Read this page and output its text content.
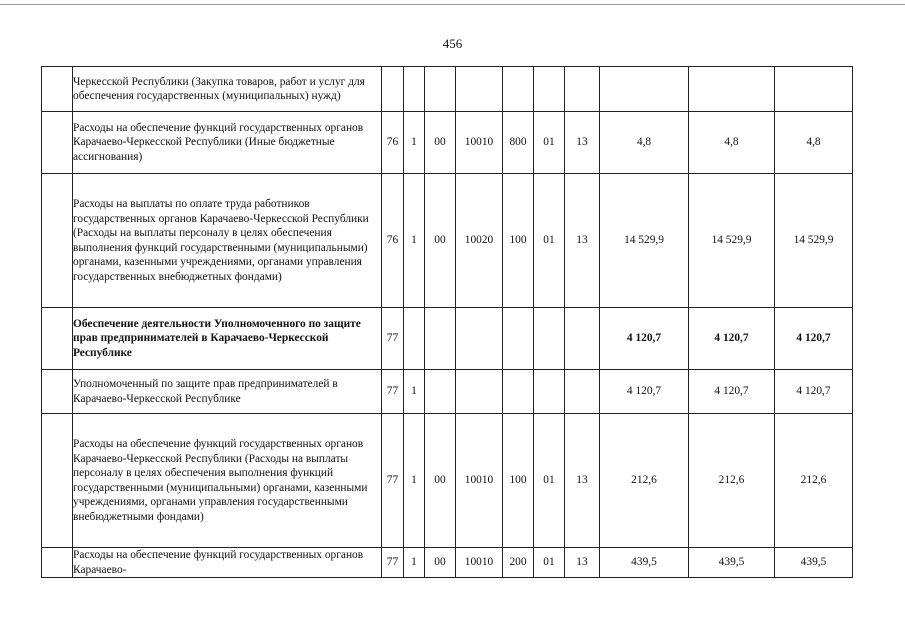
456
	Черкесской Республики (Закупка товаров, работ и услуг для обеспечения государственных (муниципальных) нужд)										
	Расходы на обеспечение функций государственных органов Карачаево-Черкесской Республики (Иные бюджетные ассигнования)	76	1	00	10010	800	01	13	4,8	4,8	4,8
	Расходы на выплаты по оплате труда работников государственных органов Карачаево-Черкесской Республики (Расходы на выплаты персоналу в целях обеспечения выполнения функций государственными (муниципальными) органами, казенными учреждениями, органами управления государственных внебюджетных фондами)	76	1	00	10020	100	01	13	14 529,9	14 529,9	14 529,9
	Обеспечение деятельности Уполномоченного по защите прав предпринимателей в Карачаево-Черкесской Республике	77							4 120,7	4 120,7	4 120,7
	Уполномоченный по защите прав предпринимателей в Карачаево-Черкесской Республике	77	1						4 120,7	4 120,7	4 120,7
	Расходы на обеспечение функций государственных органов Карачаево-Черкесской Республики (Расходы на выплаты персоналу в целях обеспечения выполнения функций государственными (муниципальными) органами, казенными учреждениями, органами управления государственными внебюджетными фондами)	77	1	00	10010	100	01	13	212,6	212,6	212,6
	Расходы на обеспечение функций государственных органов Карачаево-	77	1	00	10010	200	01	13	439,5	439,5	439,5
